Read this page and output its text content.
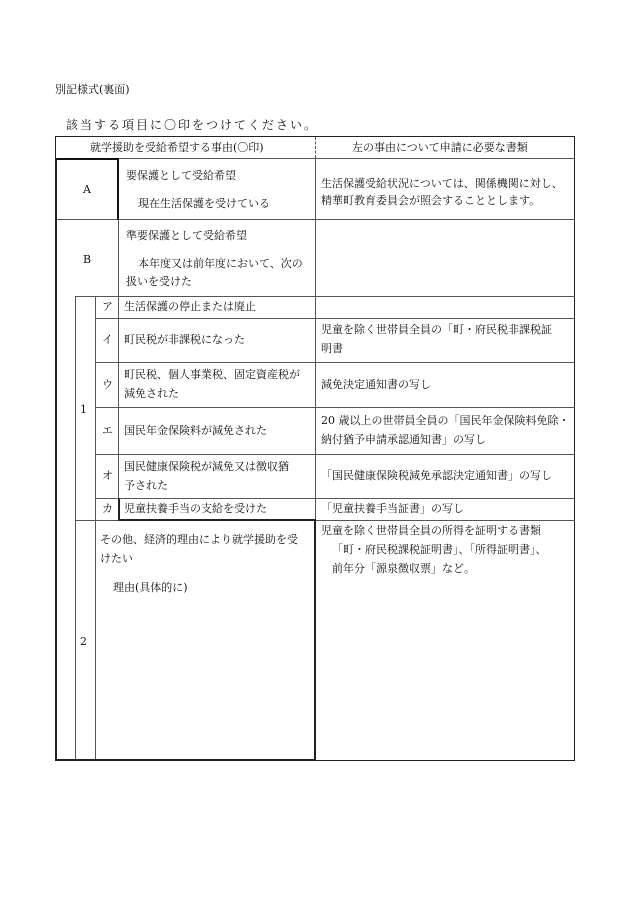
別記様式(裏面)
該当する項目に〇印をつけてください。
就学援助を受給希望する事由(〇印)	左の事由について申請に必要な書類
A
要保護として受給希望
現在生活保護を受けている
生活保護受給状況については、関係機関に対し、
精華町教育委員会が照会することとします。
B
準要保護として受給希望
本年度又は前年度において、次の
扱いを受けた
1
2
ア 生活保護の停止または廃止
イ 町民税が非課税になった
児童を除く世帯員全員の「町・府民税非課税証
明書
ウ
町民税、個人事業税、固定資産税が
減免された
減免決定通知書の写し
エ 国民年金保険料が減免された
20 歳以上の世帯員全員の「国民年金保険料免除・
納付猶予申請承認通知書」の写し
オ
国民健康保険税が減免又は徴収猶
予された
「国民健康保険税減免承認決定通知書」の写し
カ 児童扶養手当の支給を受けた	「児童扶養手当証書」の写し
その他、経済的理由により就学援助を受
けたい
理由(具体的に)
児童を除く世帯員全員の所得を証明する書類
「町・府民税課税証明書」、「所得証明書」、
前年分「源泉徴収票」など。
